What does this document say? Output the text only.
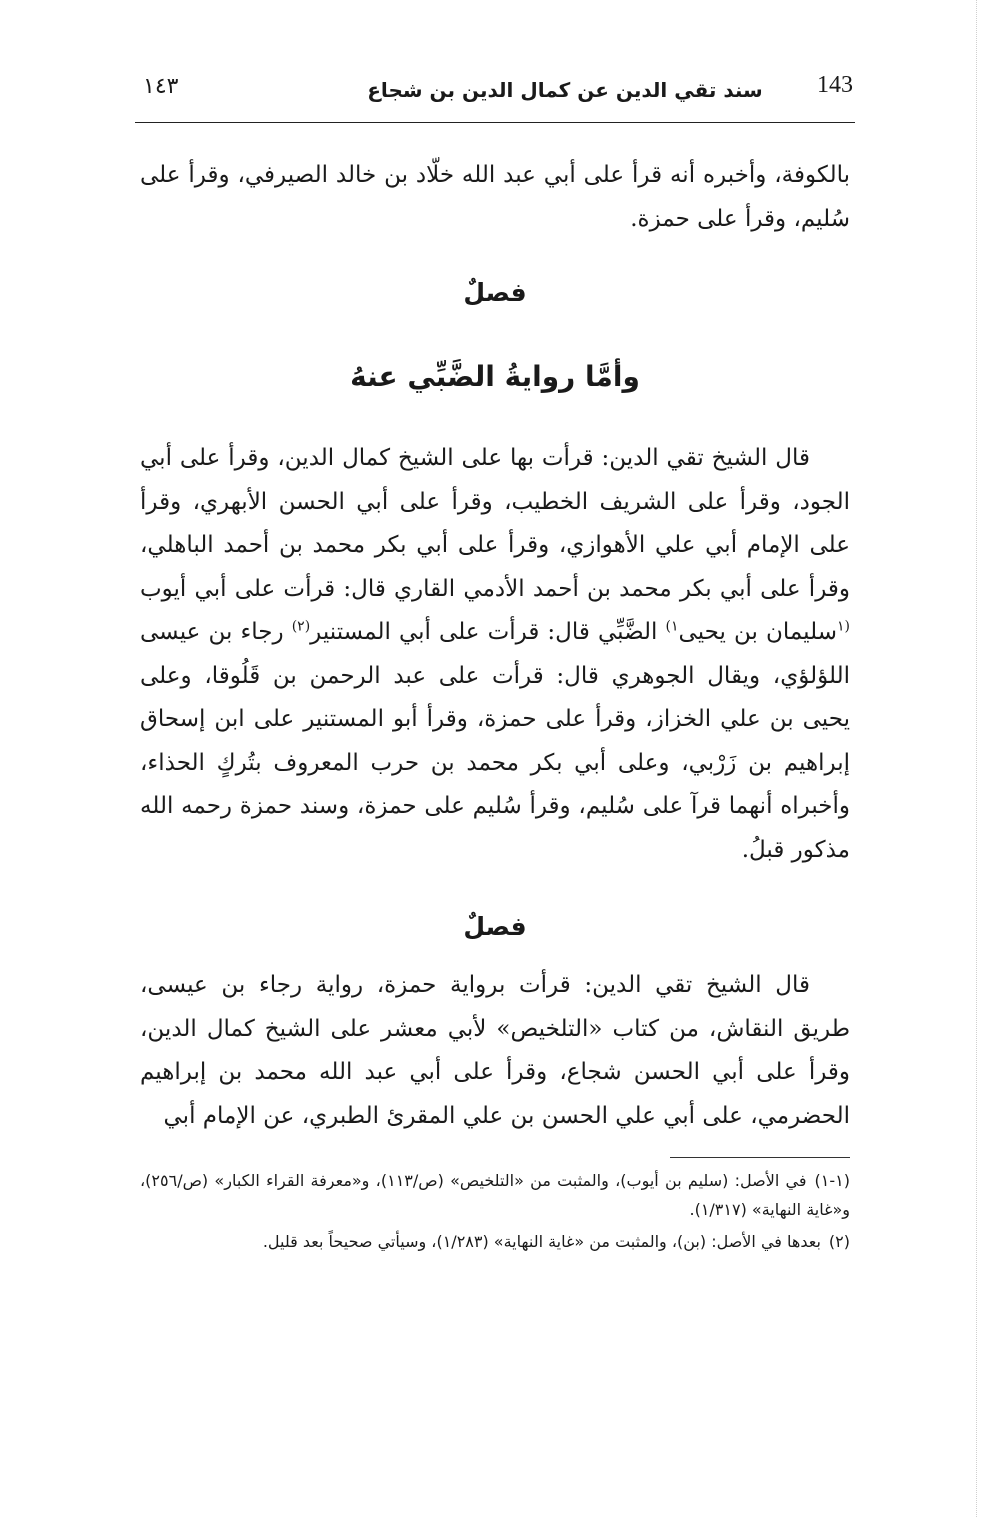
143
سند تقي الدين عن كمال الدين بن شجاع
١٤٣
بالكوفة، وأخبره أنه قرأ على أبي عبد الله خلّاد بن خالد الصيرفي، وقرأ على سُليم، وقرأ على حمزة.
فصلٌ
وأمَّا روايةُ الضَّبِّي عنهُ
قال الشيخ تقي الدين: قرأت بها على الشيخ كمال الدين، وقرأ على أبي الجود، وقرأ على الشريف الخطيب، وقرأ على أبي الحسن الأبهري، وقرأ على الإمام أبي علي الأهوازي، وقرأ على أبي بكر محمد بن أحمد الباهلي، وقرأ على أبي بكر محمد بن أحمد الأدمي القاري قال: قرأت على أبي أيوب $^{(١}$سليمان بن يحيى$^{١)}$ الضَّبِّي قال: قرأت على أبي المستنير$^{(٢)}$ رجاء بن عيسى اللؤلؤي، ويقال الجوهري قال: قرأت على عبد الرحمن بن قَلُوقا، وعلى يحيى بن علي الخزاز، وقرأ على حمزة، وقرأ أبو المستنير على ابن إسحاق إبراهيم بن زَرْبي، وعلى أبي بكر محمد بن حرب المعروف بتُركٍ الحذاء، وأخبراه أنهما قرآ على سُليم، وقرأ سُليم على حمزة، وسند حمزة رحمه الله مذكور قبلُ.
فصلٌ
قال الشيخ تقي الدين: قرأت برواية حمزة، رواية رجاء بن عيسى، طريق النقاش، من كتاب «التلخيص» لأبي معشر على الشيخ كمال الدين، وقرأ على أبي الحسن شجاع، وقرأ على أبي عبد الله محمد بن إبراهيم الحضرمي، على أبي علي الحسن بن علي المقرئ الطبري، عن الإمام أبي
(١-١)في الأصل: (سليم بن أيوب)، والمثبت من «التلخيص» (ص/١١٣)، و«معرفة القراء الكبار» (ص/٢٥٦)، و«غاية النهاية» (١/٣١٧).
(٢)بعدها في الأصل: (بن)، والمثبت من «غاية النهاية» (١/٢٨٣)، وسيأتي صحيحاً بعد قليل.
